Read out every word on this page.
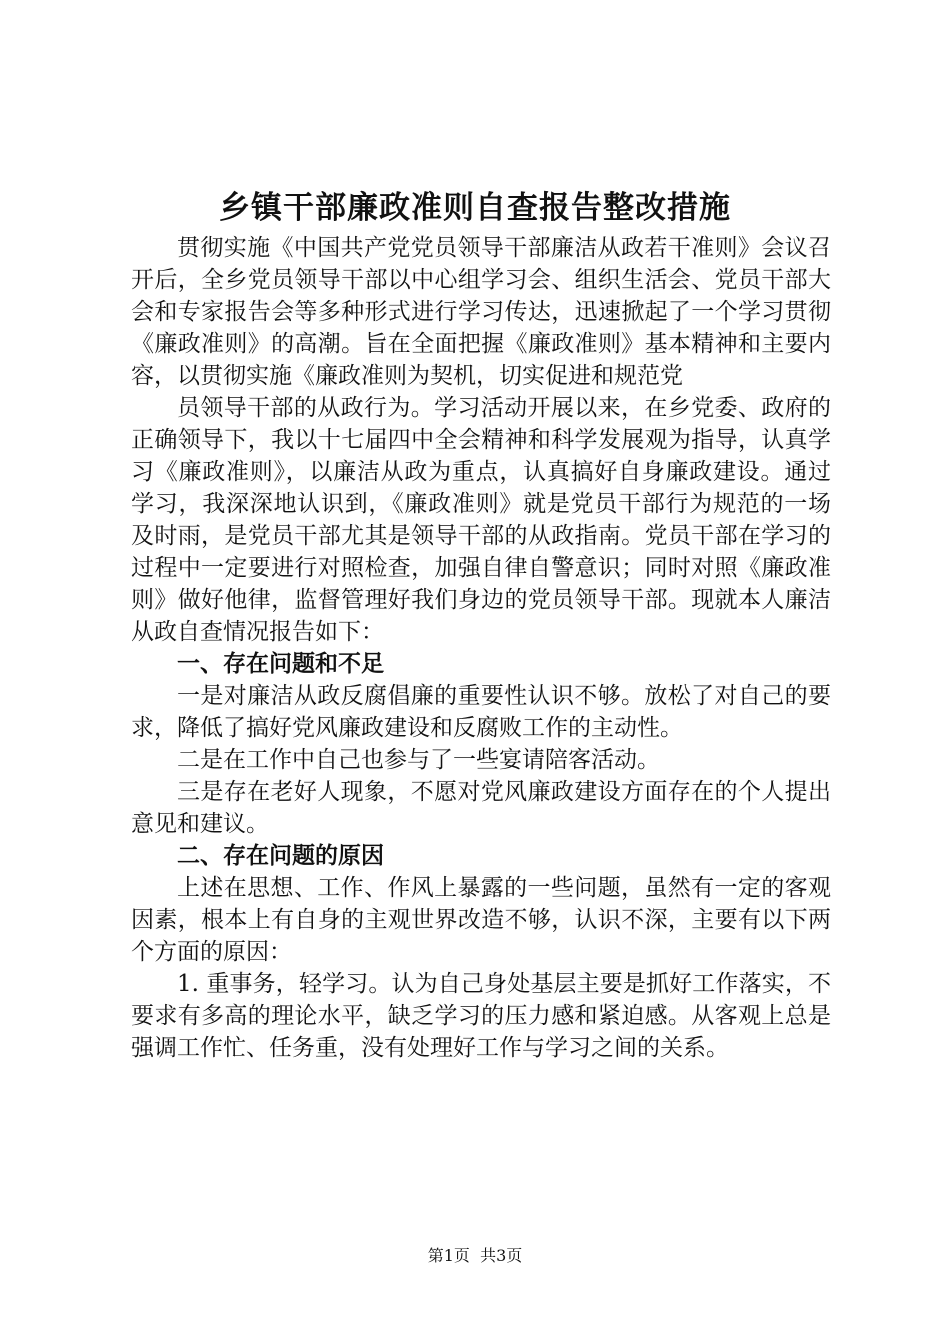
乡镇干部廉政准则自查报告整改措施

贯彻实施《中国共产党党员领导干部廉洁从政若干准则》会议召开后，全乡党员领导干部以中心组学习会、组织生活会、党员干部大会和专家报告会等多种形式进行学习传达，迅速掀起了一个学习贯彻《廉政准则》的高潮。旨在全面把握《廉政准则》基本精神和主要内容，以贯彻实施《廉政准则为契机，切实促进和规范党

员领导干部的从政行为。学习活动开展以来，在乡党委、政府的正确领导下，我以十七届四中全会精神和科学发展观为指导，认真学习《廉政准则》，以廉洁从政为重点，认真搞好自身廉政建设。通过学习，我深深地认识到，《廉政准则》就是党员干部行为规范的一场及时雨，是党员干部尤其是领导干部的从政指南。党员干部在学习的过程中一定要进行对照检查，加强自律自警意识；同时对照《廉政准则》做好他律，监督管理好我们身边的党员领导干部。现就本人廉洁从政自查情况报告如下：

一、存在问题和不足

一是对廉洁从政反腐倡廉的重要性认识不够。放松了对自己的要求，降低了搞好党风廉政建设和反腐败工作的主动性。

二是在工作中自己也参与了一些宴请陪客活动。

三是存在老好人现象，不愿对党风廉政建设方面存在的个人提出意见和建议。

二、存在问题的原因

上述在思想、工作、作风上暴露的一些问题，虽然有一定的客观因素，根本上有自身的主观世界改造不够，认识不深，主要有以下两个方面的原因：

1. 重事务，轻学习。认为自己身处基层主要是抓好工作落实，不要求有多高的理论水平，缺乏学习的压力感和紧迫感。从客观上总是强调工作忙、任务重，没有处理好工作与学习之间的关系。

第1页 共3页
